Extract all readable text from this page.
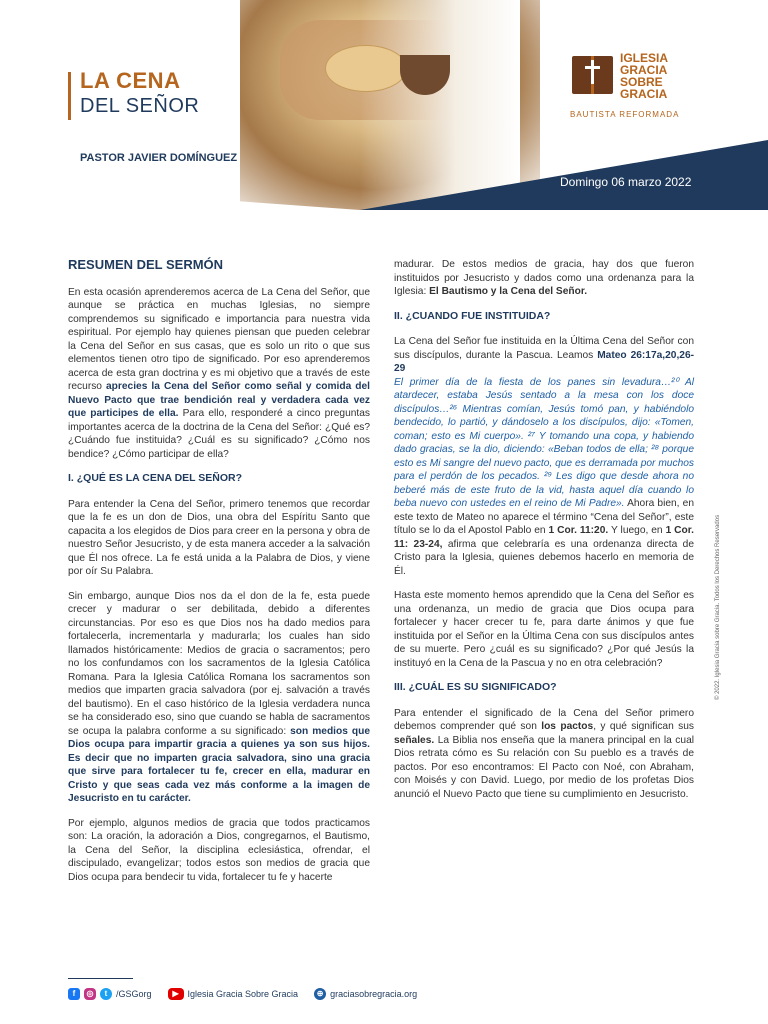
LA CENA
DEL SEÑOR
PASTOR JAVIER DOMÍNGUEZ
Domingo 06 marzo 2022
IGLESIA
GRACIA
SOBRE
GRACIA
BAUTISTA REFORMADA
RESUMEN DEL SERMÓN

En esta ocasión aprenderemos acerca de La Cena del Señor, que aunque se práctica en muchas Iglesias, no siempre comprendemos su significado e importancia para nuestra vida espiritual. Por ejemplo hay quienes piensan que pueden celebrar la Cena del Señor en sus casas, que es solo un rito o que sus elementos tienen otro tipo de significado. Por eso aprenderemos acerca de esta gran doctrina y es mi objetivo que a través de este recurso aprecies la Cena del Señor como señal y comida del Nuevo Pacto que trae bendición real y verdadera cada vez que participes de ella. Para ello, responderé a cinco preguntas importantes acerca de la doctrina de la Cena del Señor: ¿Qué es? ¿Cuándo fue instituida? ¿Cuál es su significado? ¿Cómo nos bendice? ¿Cómo participar de ella?

I. ¿QUÉ ES LA CENA DEL SEÑOR?

Para entender la Cena del Señor, primero tenemos que recordar que la fe es un don de Dios, una obra del Espíritu Santo que capacita a los elegidos de Dios para creer en la persona y obra de nuestro Señor Jesucristo, y de esta manera acceder a la salvación que Él nos ofrece. La fe está unida a la Palabra de Dios, y viene por oír Su Palabra.

Sin embargo, aunque Dios nos da el don de la fe, esta puede crecer y madurar o ser debilitada, debido a diferentes circunstancias. Por eso es que Dios nos ha dado medios para fortalecerla, incrementarla y madurarla; los cuales han sido llamados históricamente: Medios de gracia o sacramentos; pero no los confundamos con los sacramentos de la Iglesia Católica Romana. Para la Iglesia Católica Romana los sacramentos son medios que imparten gracia salvadora (por ej. salvación a través del bautismo). En el caso histórico de la Iglesia verdadera nunca se ha considerado eso, sino que cuando se habla de sacramentos se ocupa la palabra conforme a su significado: son medios que Dios ocupa para impartir gracia a quienes ya son sus hijos. Es decir que no imparten gracia salvadora, sino una gracia que sirve para fortalecer tu fe, crecer en ella, madurar en Cristo y que seas cada vez más conforme a la imagen de Jesucristo en tu carácter.

Por ejemplo, algunos medios de gracia que todos practicamos son: La oración, la adoración a Dios, congregarnos, el Bautismo, la Cena del Señor, la disciplina eclesiástica, ofrendar, el discipulado, evangelizar; todos estos son medios de gracia que Dios ocupa para bendecir tu vida, fortalecer tu fe y hacerte

madurar. De estos medios de gracia, hay dos que fueron instituidos por Jesucristo y dados como una ordenanza para la Iglesia: El Bautismo y la Cena del Señor.

II. ¿CUANDO FUE INSTITUIDA?

La Cena del Señor fue instituida en la Última Cena del Señor con sus discípulos, durante la Pascua. Leamos Mateo 26:17a,20,26-29
El primer día de la fiesta de los panes sin levadura…²⁰ Al atardecer, estaba Jesús sentado a la mesa con los doce discípulos…²⁶ Mientras comían, Jesús tomó pan, y habiéndolo bendecido, lo partió, y dándoselo a los discípulos, dijo: «Tomen, coman; esto es Mi cuerpo». ²⁷ Y tomando una copa, y habiendo dado gracias, se la dio, diciendo: «Beban todos de ella; ²⁸ porque esto es Mi sangre del nuevo pacto, que es derramada por muchos para el perdón de los pecados. ²⁹ Les digo que desde ahora no beberé más de este fruto de la vid, hasta aquel día cuando lo beba nuevo con ustedes en el reino de Mi Padre». Ahora bien, en este texto de Mateo no aparece el término “Cena del Señor”, este título se lo da el Apostol Pablo en 1 Cor. 11:20. Y luego, en 1 Cor. 11: 23-24, afirma que celebraría es una ordenanza directa de Cristo para la Iglesia, quienes debemos hacerlo en memoria de Él.

Hasta este momento hemos aprendido que la Cena del Señor es una ordenanza, un medio de gracia que Dios ocupa para fortalecer y hacer crecer tu fe, para darte ánimos y que fue instituida por el Señor en la Última Cena con sus discípulos antes de su muerte. Pero ¿cuál es su significado? ¿Por qué Jesús la instituyó en la Cena de la Pascua y no en otra celebración?

III. ¿CUÁL ES SU SIGNIFICADO?

Para entender el significado de la Cena del Señor primero debemos comprender qué son los pactos, y qué significan sus señales. La Biblia nos enseña que la manera principal en la cual Dios retrata cómo es Su relación con Su pueblo es a través de pactos. Por eso encontramos: El Pacto con Noé, con Abraham, con Moisés y con David. Luego, por medio de los profetas Dios anunció el Nuevo Pacto que tiene su cumplimiento en Jesucristo.

© 2022. Iglesia Gracia sobre Gracia. Todos los Derechos Reservados
f	◎	t /GSGorg	▶ Iglesia Gracia Sobre Gracia	⊕ graciasobregracia.org
